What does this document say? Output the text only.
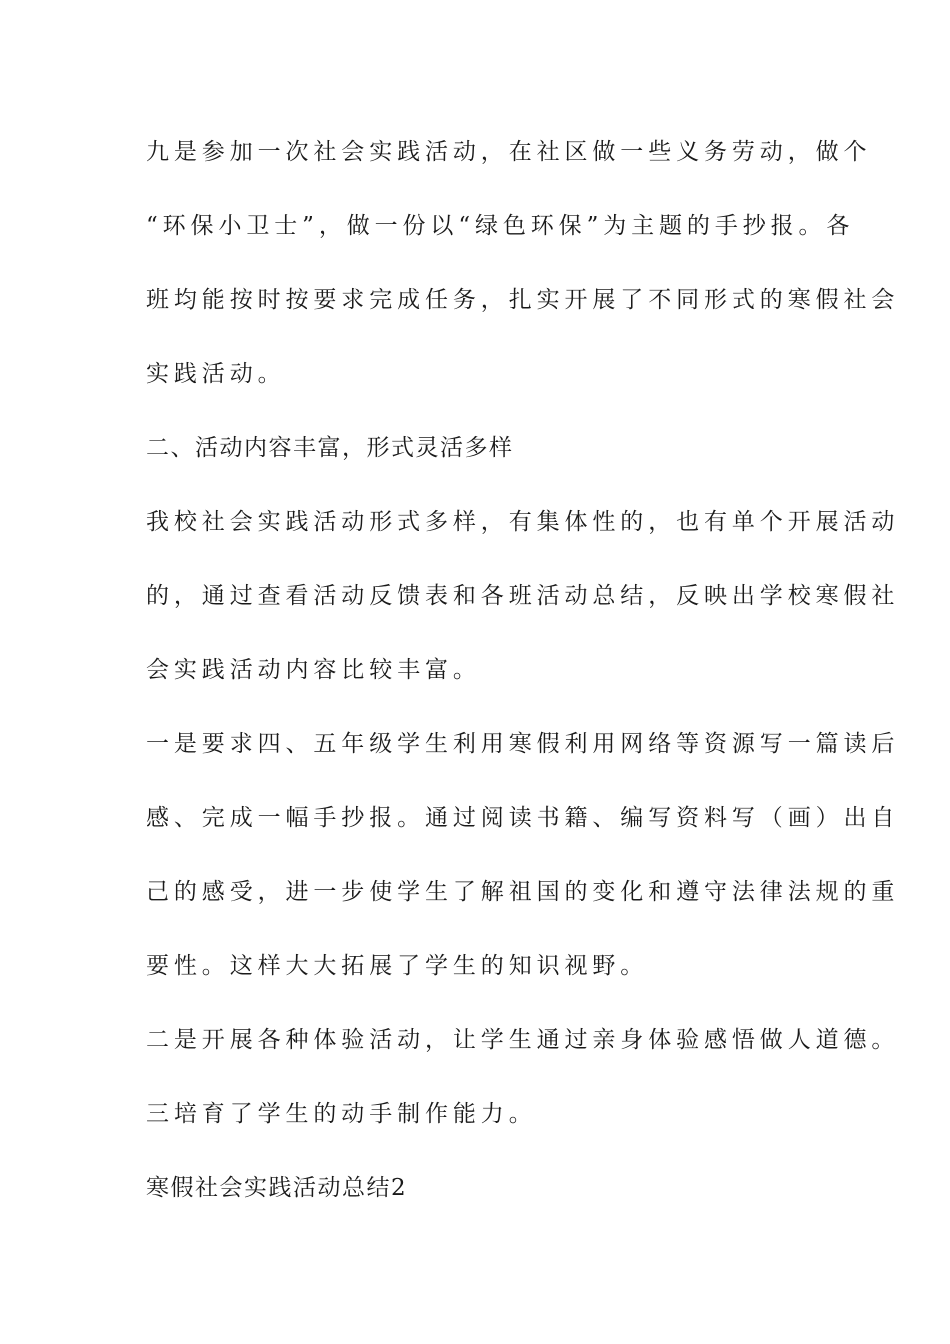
九是参加一次社会实践活动，在社区做一些义务劳动，做个
“环保小卫士”，做一份以“绿色环保”为主题的手抄报。各
班均能按时按要求完成任务，扎实开展了不同形式的寒假社会
实践活动。
二、活动内容丰富，形式灵活多样
我校社会实践活动形式多样，有集体性的，也有单个开展活动
的，通过查看活动反馈表和各班活动总结，反映出学校寒假社
会实践活动内容比较丰富。
一是要求四、五年级学生利用寒假利用网络等资源写一篇读后
感、完成一幅手抄报。通过阅读书籍、编写资料写（画）出自
己的感受，进一步使学生了解祖国的变化和遵守法律法规的重
要性。这样大大拓展了学生的知识视野。
二是开展各种体验活动，让学生通过亲身体验感悟做人道德。
三培育了学生的动手制作能力。
寒假社会实践活动总结2
